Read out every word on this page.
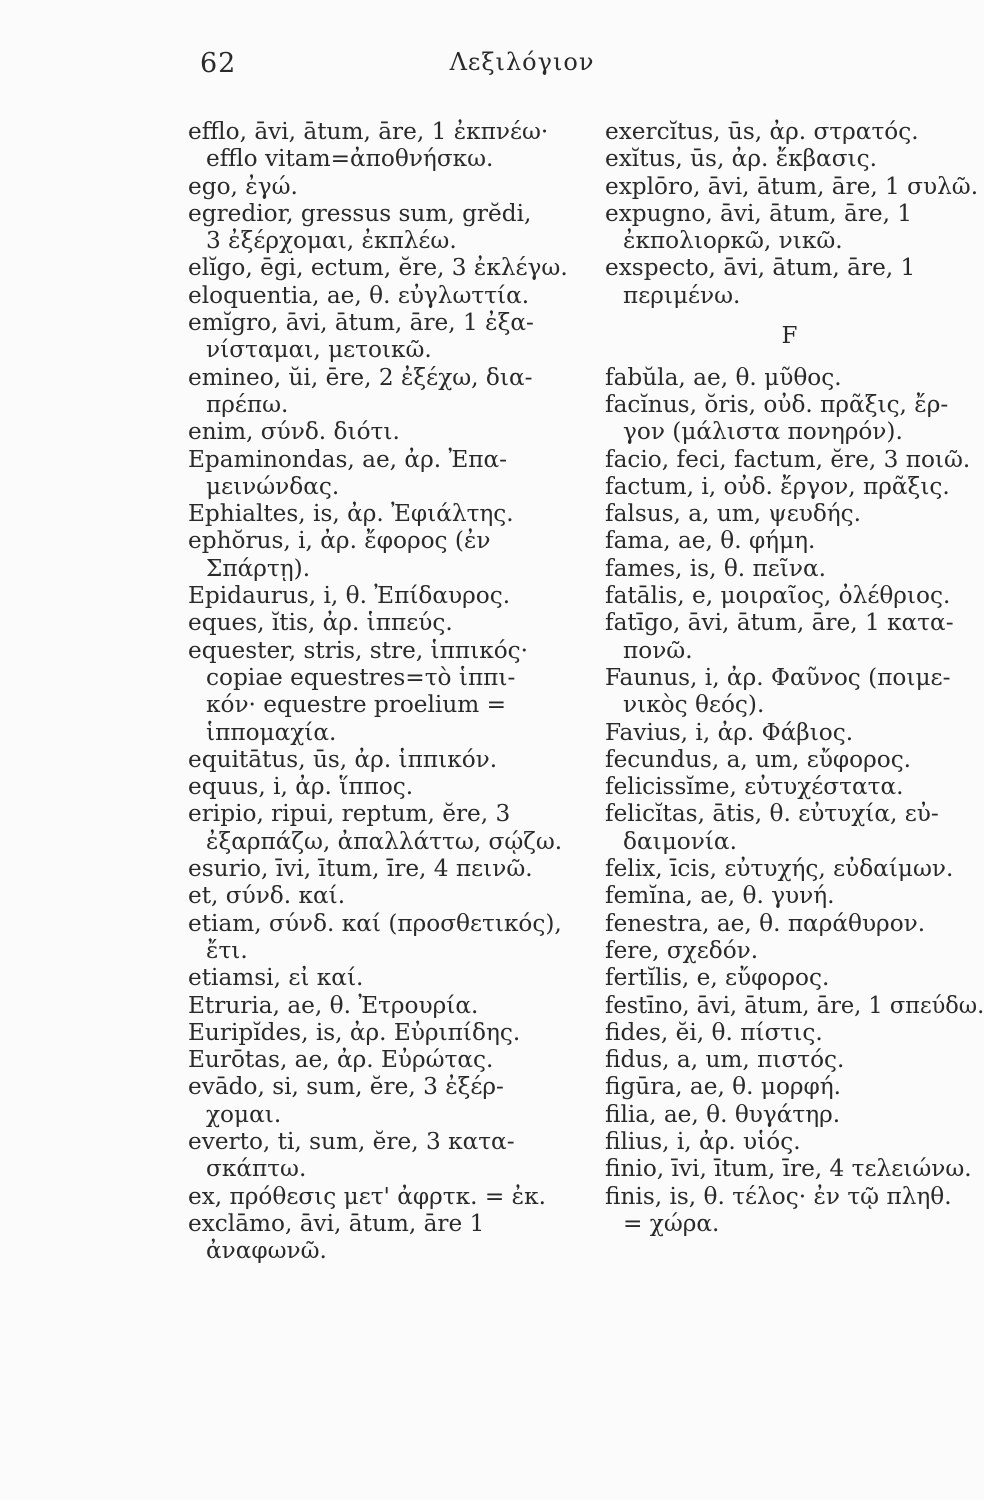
62	Λεξιλόγιον
efflo, āvi, ātum, āre, 1 ἐκπνέω·
efflo vitam=ἀποθνήσκω.
ego, ἐγώ.
egredior, gressus sum, grĕdi,
3 ἐξέρχομαι, ἐκπλέω.
elĭgo, ēgi, ectum, ĕre, 3 ἐκλέγω.
eloquentia, ae, θ. εὐγλωττία.
emĭgro, āvi, ātum, āre, 1 ἐξα-
νίσταμαι, μετοικῶ.
emineo, ŭi, ēre, 2 ἐξέχω, δια-
πρέπω.
enim, σύνδ. διότι.
Epaminondas, ae, ἀρ. Ἐπα-
μεινώνδας.
Ephialtes, is, ἀρ. Ἐφιάλτης.
ephŏrus, i, ἀρ. ἔφορος (ἐν
Σπάρτῃ).
Epidaurus, i, θ. Ἐπίδαυρος.
eques, ĭtis, ἀρ. ἱππεύς.
equester, stris, stre, ἱππικός·
copiae equestres=τὸ ἱππι-
κόν· equestre proelium =
ἱππομαχία.
equitātus, ūs, ἀρ. ἱππικόν.
equus, i, ἀρ. ἵππος.
eripio, ripui, reptum, ĕre, 3
ἐξαρπάζω, ἀπαλλάττω, σῴζω.
esurio, īvi, ītum, īre, 4 πεινῶ.
et, σύνδ. καί.
etiam, σύνδ. καί (προσθετικός),
ἔτι.
etiamsi, εἰ καί.
Etruria, ae, θ. Ἐτρουρία.
Euripĭdes, is, ἀρ. Εὐριπίδης.
Eurōtas, ae, ἀρ. Εὐρώτας.
evādo, si, sum, ĕre, 3 ἐξέρ-
χομαι.
everto, ti, sum, ĕre, 3 κατα-
σκάπτω.
ex, πρόθεσις μετ' ἀφρτκ. = ἐκ.
exclāmo, āvi, ātum, āre 1
ἀναφωνῶ.
exercĭtus, ūs, ἀρ. στρατός.
exĭtus, ūs, ἀρ. ἔκβασις.
explōro, āvi, ātum, āre, 1 συλῶ.
expugno, āvi, ātum, āre, 1
ἐκπολιορκῶ, νικῶ.
exspecto, āvi, ātum, āre, 1
περιμένω.
F
fabŭla, ae, θ. μῦθος.
facĭnus, ŏris, οὐδ. πρᾶξις, ἔρ-
γον (μάλιστα πονηρόν).
facio, feci, factum, ĕre, 3 ποιῶ.
factum, i, οὐδ. ἔργον, πρᾶξις.
falsus, a, um, ψευδής.
fama, ae, θ. φήμη.
fames, is, θ. πεῖνα.
fatālis, e, μοιραῖος, ὀλέθριος.
fatīgo, āvi, ātum, āre, 1 κατα-
πονῶ.
Faunus, i, ἀρ. Φαῦνος (ποιμε-
νικὸς θεός).
Favius, i, ἀρ. Φάβιος.
fecundus, a, um, εὔφορος.
felicissĭme, εὐτυχέστατα.
felicĭtas, ātis, θ. εὐτυχία, εὐ-
δαιμονία.
felix, īcis, εὐτυχής, εὐδαίμων.
femĭna, ae, θ. γυνή.
fenestra, ae, θ. παράθυρον.
fere, σχεδόν.
fertĭlis, e, εὔφορος.
festīno, āvi, ātum, āre, 1 σπεύδω.
fides, ĕi, θ. πίστις.
fidus, a, um, πιστός.
figūra, ae, θ. μορφή.
filia, ae, θ. θυγάτηρ.
filius, i, ἀρ. υἱός.
finio, īvi, ītum, īre, 4 τελειώνω.
finis, is, θ. τέλος· ἐν τῷ πληθ.
= χώρα.
